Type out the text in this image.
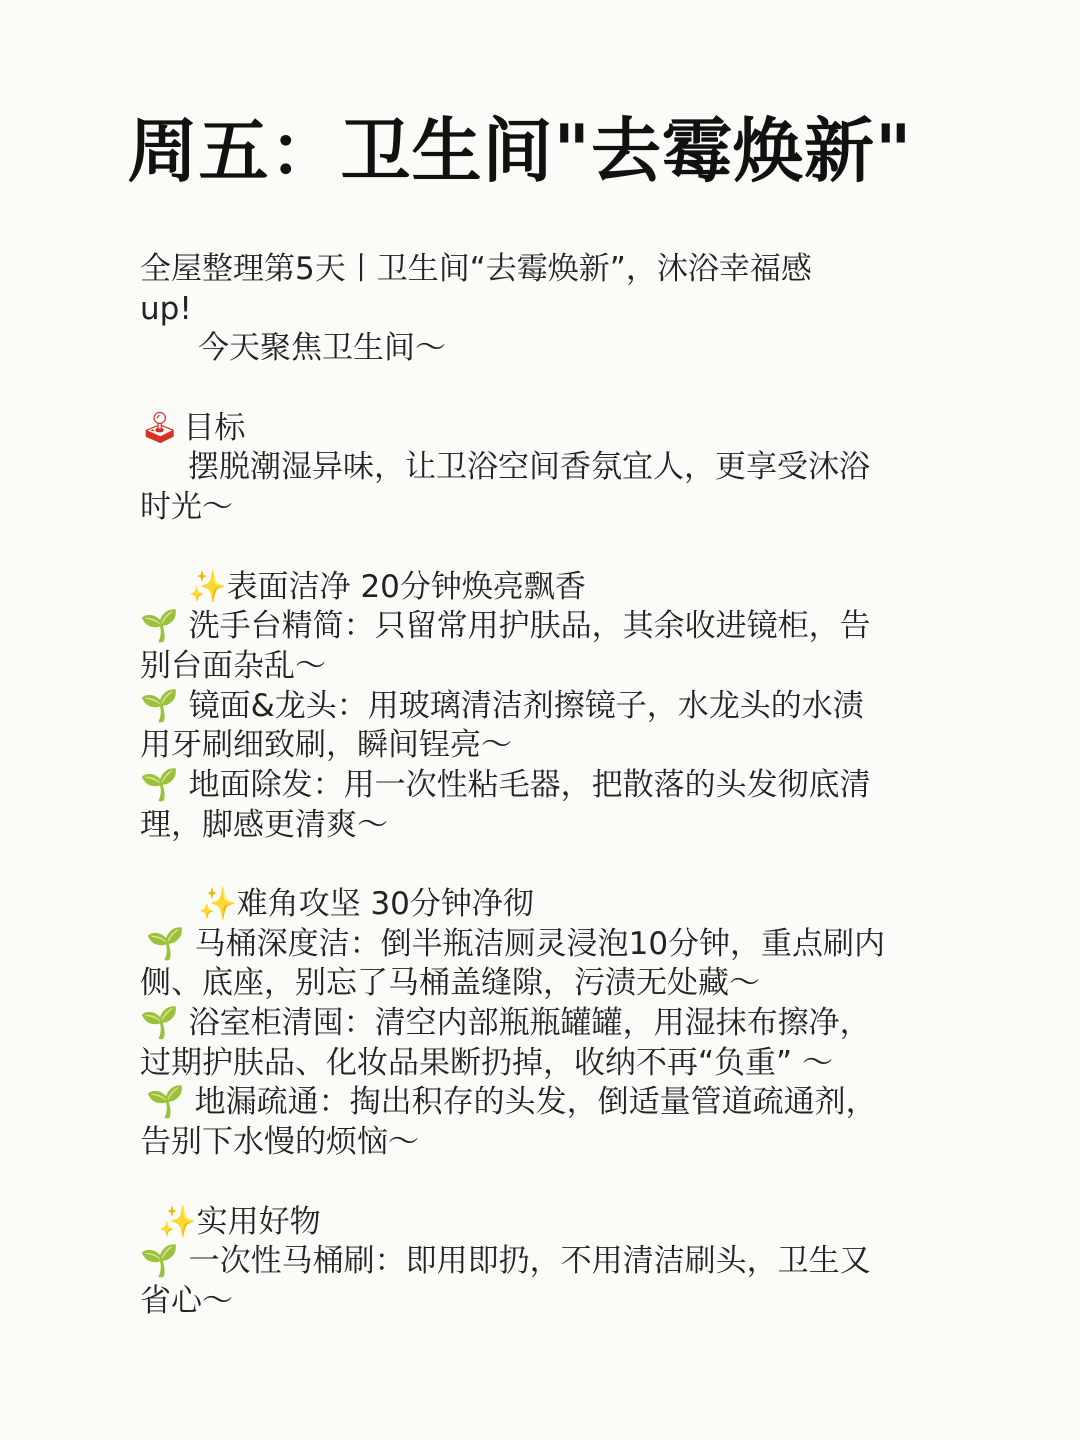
周五：卫生间"去霉焕新"
全屋整理第5天丨卫生间“去霉焕新”，沐浴幸福感
up!
今天聚焦卫生间～
🕹 目标
摆脱潮湿异味，让卫浴空间香氛宜人，更享受沐浴
时光～
✨表面洁净 20分钟焕亮飘香
🌱 洗手台精简：只留常用护肤品，其余收进镜柜，告
别台面杂乱～
🌱 镜面&龙头：用玻璃清洁剂擦镜子，水龙头的水渍
用牙刷细致刷，瞬间锃亮～
🌱 地面除发：用一次性粘毛器，把散落的头发彻底清
理，脚感更清爽～
✨难角攻坚 30分钟净彻
🌱 马桶深度洁：倒半瓶洁厕灵浸泡10分钟，重点刷内
侧、底座，别忘了马桶盖缝隙，污渍无处藏～
🌱 浴室柜清囤：清空内部瓶瓶罐罐，用湿抹布擦净，
过期护肤品、化妆品果断扔掉，收纳不再“负重” ～
🌱 地漏疏通：掏出积存的头发，倒适量管道疏通剂，
告别下水慢的烦恼～
✨实用好物
🌱 一次性马桶刷：即用即扔，不用清洁刷头，卫生又
省心～
